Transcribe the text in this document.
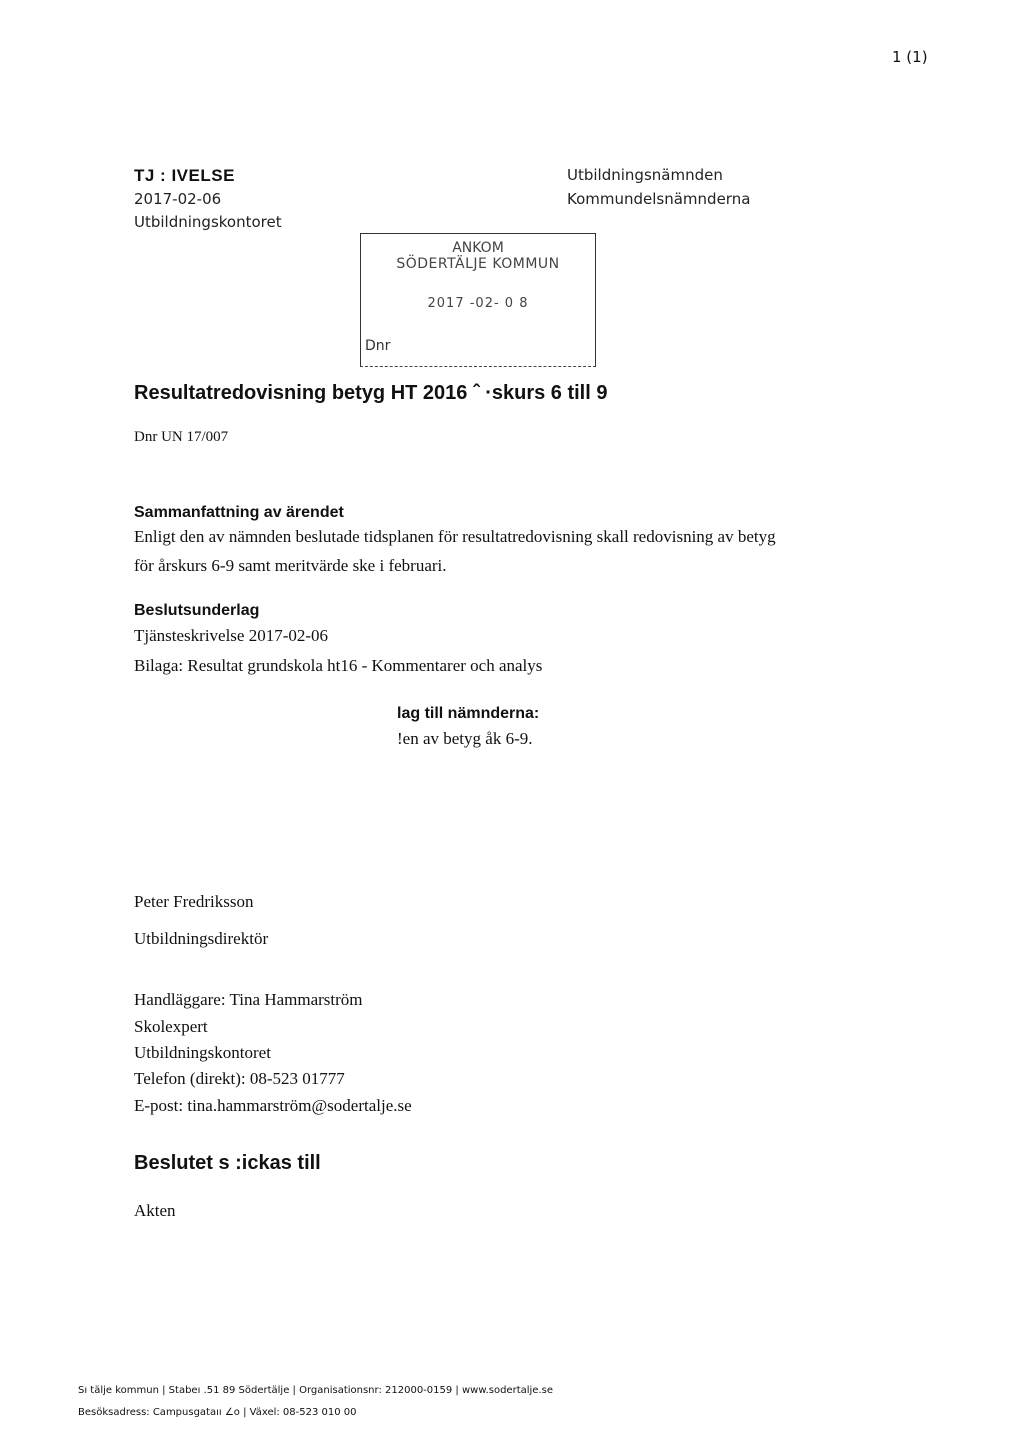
1 (1)
TJ : IVELSE
2017-02-06
Utbildningskontoret
Utbildningsnämnden
Kommundelsnämnderna
ANKOM
SÖDERTÄLJE KOMMUN
2017 -02- 0 8
Dnr
Resultatredovisning betyg HT 2016 ˆ ·skurs 6 till 9
Dnr UN 17/007
Sammanfattning av ärendet
Enligt den av nämnden beslutade tidsplanen för resultatredovisning skall redovisning av betyg
för årskurs 6-9 samt meritvärde ske i februari.
Beslutsunderlag
Tjänsteskrivelse 2017-02-06
Bilaga: Resultat grundskola ht16 - Kommentarer och analys
lag till nämnderna:
!en av betyg åk 6-9.
Peter Fredriksson
Utbildningsdirektör
Handläggare: Tina Hammarström
Skolexpert
Utbildningskontoret
Telefon (direkt): 08-523 01777
E-post: tina.hammarström@sodertalje.se
Beslutet s :ickas till
Akten
Sı tälje kommun | Stabeı .51 89 Södertälje | Organisationsnr: 212000-0159 | www.sodertalje.se
Besöksadress: Campusgataıı ∠o | Växel: 08-523 010 00
